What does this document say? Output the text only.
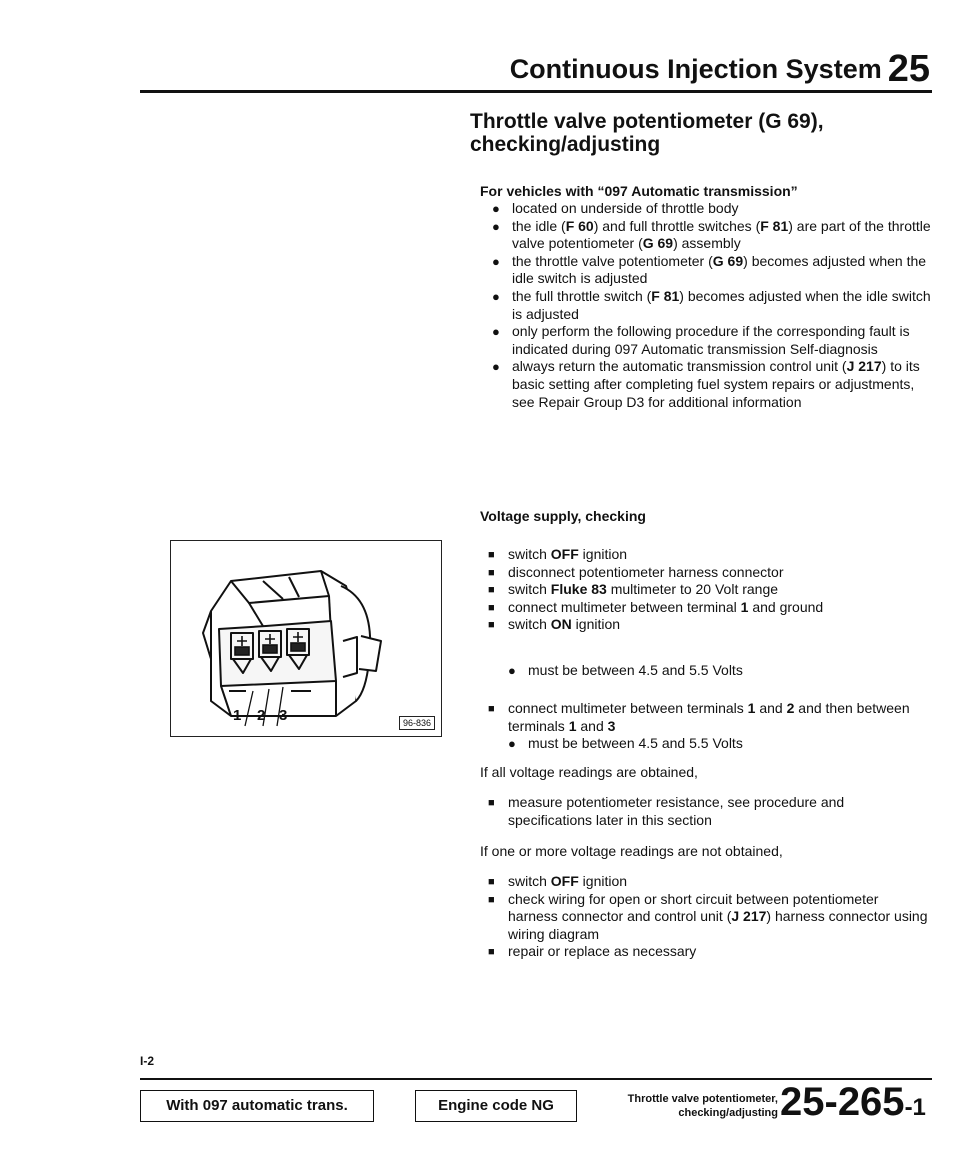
Continuous Injection System 25
Throttle valve potentiometer (G 69), checking/adjusting
For vehicles with “097 Automatic transmission”
● located on underside of throttle body
● the idle (F 60) and full throttle switches (F 81) are part of the throttle valve potentiometer (G 69) assembly
● the throttle valve potentiometer (G 69) becomes adjusted when the idle switch is adjusted
● the full throttle switch (F 81) becomes adjusted when the idle switch is adjusted
● only perform the following procedure if the corresponding fault is indicated during 097 Automatic transmission Self-diagnosis
● always return the automatic transmission control unit (J 217) to its basic setting after completing fuel system repairs or adjustments, see Repair Group D3 for additional information
Voltage supply, checking
■ switch OFF ignition
■ disconnect potentiometer harness connector
■ switch Fluke 83 multimeter to 20 Volt range
■ connect multimeter between terminal 1 and ground
■ switch ON ignition
● must be between 4.5 and 5.5 Volts
■ connect multimeter between terminals 1 and 2 and then between terminals 1 and 3
● must be between 4.5 and 5.5 Volts
If all voltage readings are obtained,
■ measure potentiometer resistance, see procedure and specifications later in this section
If one or more voltage readings are not obtained,
■ switch OFF ignition
■ check wiring for open or short circuit between potentiometer harness connector and control unit (J 217) harness connector using wiring diagram
■ repair or replace as necessary
1 2 3	96-836
I-2
With 097 automatic trans.	Engine code NG	Throttle valve potentiometer,
checking/adjusting 25-265-1
